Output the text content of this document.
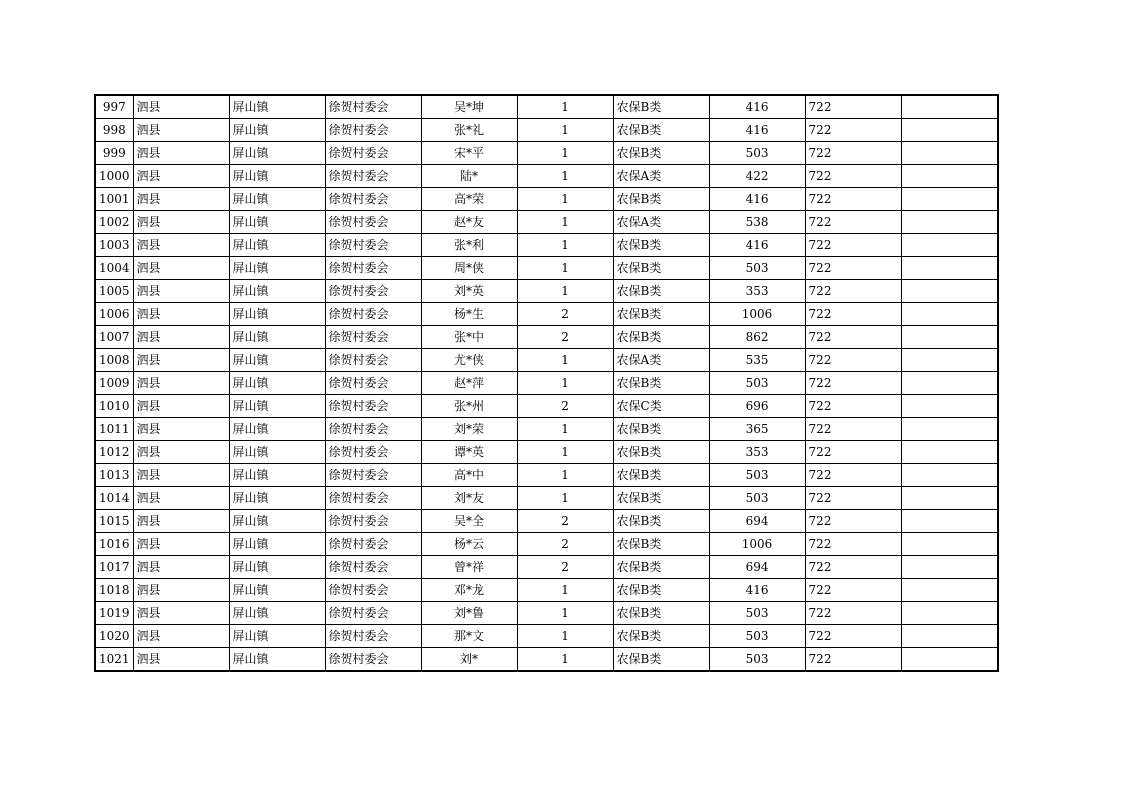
997	泗县	屏山镇	徐贺村委会	吴*坤	1	农保B类	416	722	
998	泗县	屏山镇	徐贺村委会	张*礼	1	农保B类	416	722	
999	泗县	屏山镇	徐贺村委会	宋*平	1	农保B类	503	722	
1000	泗县	屏山镇	徐贺村委会	陆*	1	农保A类	422	722	
1001	泗县	屏山镇	徐贺村委会	高*荣	1	农保B类	416	722	
1002	泗县	屏山镇	徐贺村委会	赵*友	1	农保A类	538	722	
1003	泗县	屏山镇	徐贺村委会	张*利	1	农保B类	416	722	
1004	泗县	屏山镇	徐贺村委会	周*侠	1	农保B类	503	722	
1005	泗县	屏山镇	徐贺村委会	刘*英	1	农保B类	353	722	
1006	泗县	屏山镇	徐贺村委会	杨*生	2	农保B类	1006	722	
1007	泗县	屏山镇	徐贺村委会	张*中	2	农保B类	862	722	
1008	泗县	屏山镇	徐贺村委会	尤*侠	1	农保A类	535	722	
1009	泗县	屏山镇	徐贺村委会	赵*萍	1	农保B类	503	722	
1010	泗县	屏山镇	徐贺村委会	张*州	2	农保C类	696	722	
1011	泗县	屏山镇	徐贺村委会	刘*荣	1	农保B类	365	722	
1012	泗县	屏山镇	徐贺村委会	谭*英	1	农保B类	353	722	
1013	泗县	屏山镇	徐贺村委会	高*中	1	农保B类	503	722	
1014	泗县	屏山镇	徐贺村委会	刘*友	1	农保B类	503	722	
1015	泗县	屏山镇	徐贺村委会	吴*全	2	农保B类	694	722	
1016	泗县	屏山镇	徐贺村委会	杨*云	2	农保B类	1006	722	
1017	泗县	屏山镇	徐贺村委会	曾*祥	2	农保B类	694	722	
1018	泗县	屏山镇	徐贺村委会	邓*龙	1	农保B类	416	722	
1019	泗县	屏山镇	徐贺村委会	刘*鲁	1	农保B类	503	722	
1020	泗县	屏山镇	徐贺村委会	那*文	1	农保B类	503	722	
1021	泗县	屏山镇	徐贺村委会	刘*	1	农保B类	503	722	
